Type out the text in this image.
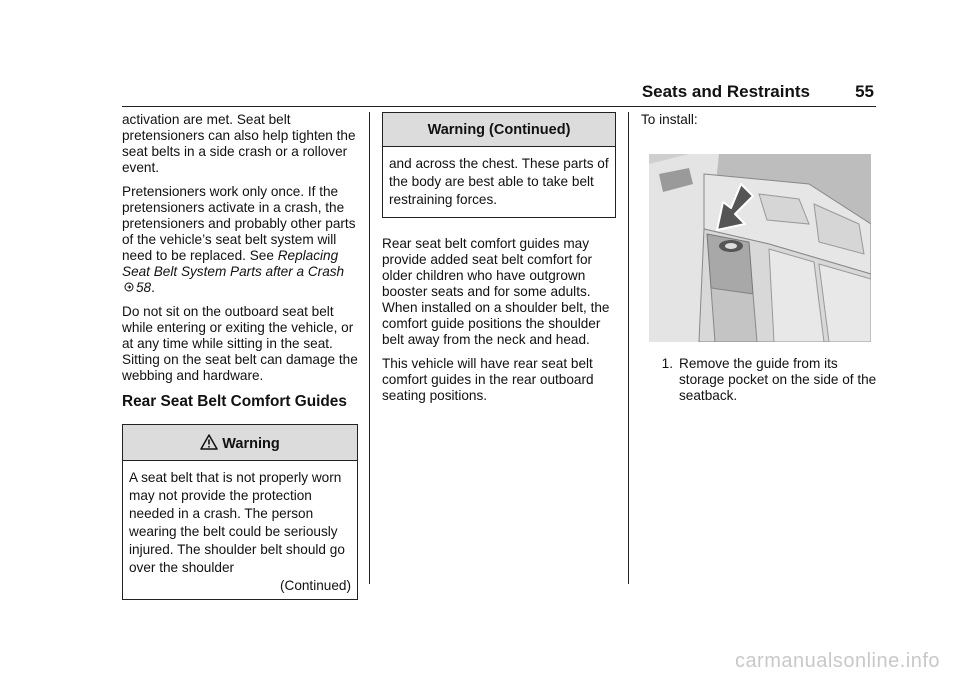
Seats and Restraints	55

activation are met. Seat belt pretensioners can also help tighten the seat belts in a side crash or a rollover event.

Pretensioners work only once. If the pretensioners activate in a crash, the pretensioners and probably other parts of the vehicle’s seat belt system will need to be replaced. See Replacing Seat Belt System Parts after a Crash 58.

Do not sit on the outboard seat belt while entering or exiting the vehicle, or at any time while sitting in the seat. Sitting on the seat belt can damage the webbing and hardware.

Rear Seat Belt Comfort Guides
Warning
A seat belt that is not properly worn may not provide the protection needed in a crash. The person wearing the belt could be seriously injured. The shoulder belt should go over the shoulder
(Continued)
Warning (Continued)
and across the chest. These parts of the body are best able to take belt restraining forces.

Rear seat belt comfort guides may provide added seat belt comfort for older children who have outgrown booster seats and for some adults. When installed on a shoulder belt, the comfort guide positions the shoulder belt away from the neck and head.

This vehicle will have rear seat belt comfort guides in the rear outboard seating positions.

To install:

1. Remove the guide from its storage pocket on the side of the seatback.
carmanualsonline.info
